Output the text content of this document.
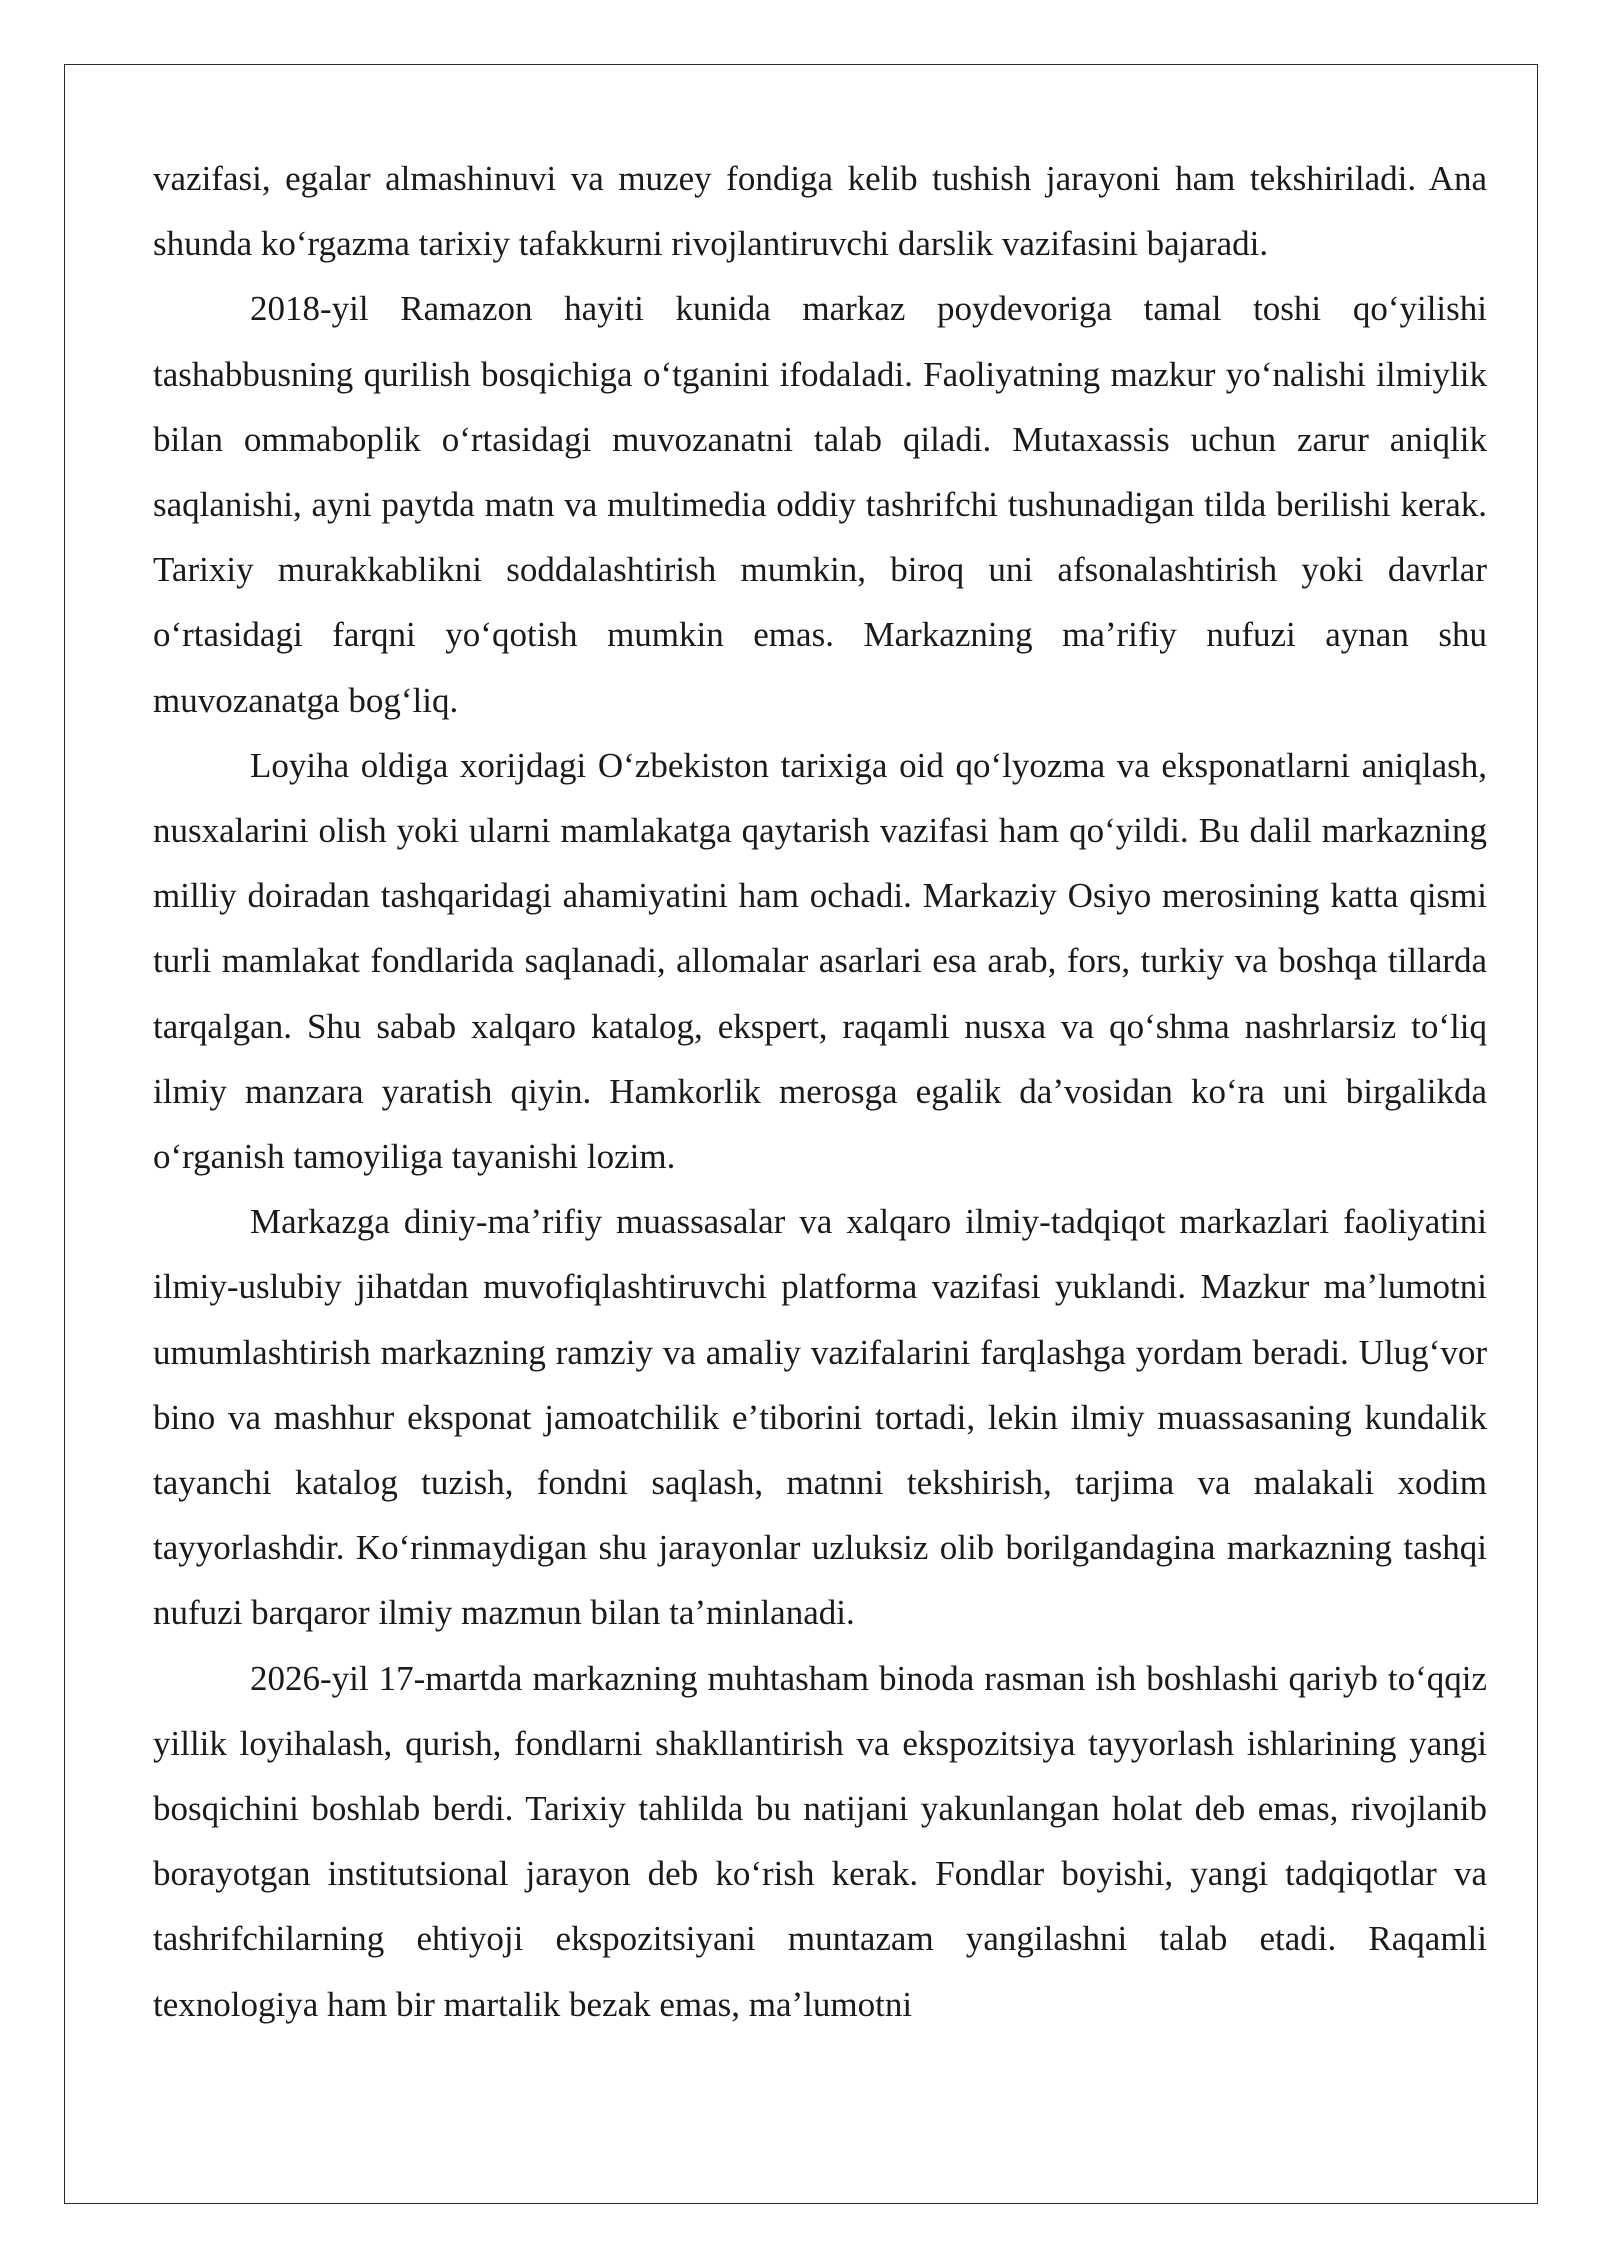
vazifasi, egalar almashinuvi va muzey fondiga kelib tushish jarayoni ham tekshiriladi. Ana shunda koʻrgazma tarixiy tafakkurni rivojlantiruvchi darslik vazifasini bajaradi.

2018-yil Ramazon hayiti kunida markaz poydevoriga tamal toshi qoʻyilishi tashabbusning qurilish bosqichiga oʻtganini ifodaladi. Faoliyatning mazkur yoʻnalishi ilmiylik bilan ommaboplik oʻrtasidagi muvozanatni talab qiladi. Mutaxassis uchun zarur aniqlik saqlanishi, ayni paytda matn va multimedia oddiy tashrifchi tushunadigan tilda berilishi kerak. Tarixiy murakkablikni soddalashtirish mumkin, biroq uni afsonalashtirish yoki davrlar oʻrtasidagi farqni yoʻqotish mumkin emas. Markazning maʼrifiy nufuzi aynan shu muvozanatga bogʻliq.

Loyiha oldiga xorijdagi Oʻzbekiston tarixiga oid qoʻlyozma va eksponatlarni aniqlash, nusxalarini olish yoki ularni mamlakatga qaytarish vazifasi ham qoʻyildi. Bu dalil markazning milliy doiradan tashqaridagi ahamiyatini ham ochadi. Markaziy Osiyo merosining katta qismi turli mamlakat fondlarida saqlanadi, allomalar asarlari esa arab, fors, turkiy va boshqa tillarda tarqalgan. Shu sabab xalqaro katalog, ekspert, raqamli nusxa va qoʻshma nashrlarsiz toʻliq ilmiy manzara yaratish qiyin. Hamkorlik merosga egalik daʼvosidan koʻra uni birgalikda oʻrganish tamoyiliga tayanishi lozim.

Markazga diniy-maʼrifiy muassasalar va xalqaro ilmiy-tadqiqot markazlari faoliyatini ilmiy-uslubiy jihatdan muvofiqlashtiruvchi platforma vazifasi yuklandi. Mazkur maʼlumotni umumlashtirish markazning ramziy va amaliy vazifalarini farqlashga yordam beradi. Ulugʻvor bino va mashhur eksponat jamoatchilik eʼtiborini tortadi, lekin ilmiy muassasaning kundalik tayanchi katalog tuzish, fondni saqlash, matnni tekshirish, tarjima va malakali xodim tayyorlashdir. Koʻrinmaydigan shu jarayonlar uzluksiz olib borilgandagina markazning tashqi nufuzi barqaror ilmiy mazmun bilan taʼminlanadi.

2026-yil 17-martda markazning muhtasham binoda rasman ish boshlashi qariyb toʻqqiz yillik loyihalash, qurish, fondlarni shakllantirish va ekspozitsiya tayyorlash ishlarining yangi bosqichini boshlab berdi. Tarixiy tahlilda bu natijani yakunlangan holat deb emas, rivojlanib borayotgan institutsional jarayon deb koʻrish kerak. Fondlar boyishi, yangi tadqiqotlar va tashrifchilarning ehtiyoji ekspozitsiyani muntazam yangilashni talab etadi. Raqamli texnologiya ham bir martalik bezak emas, maʼlumotni
